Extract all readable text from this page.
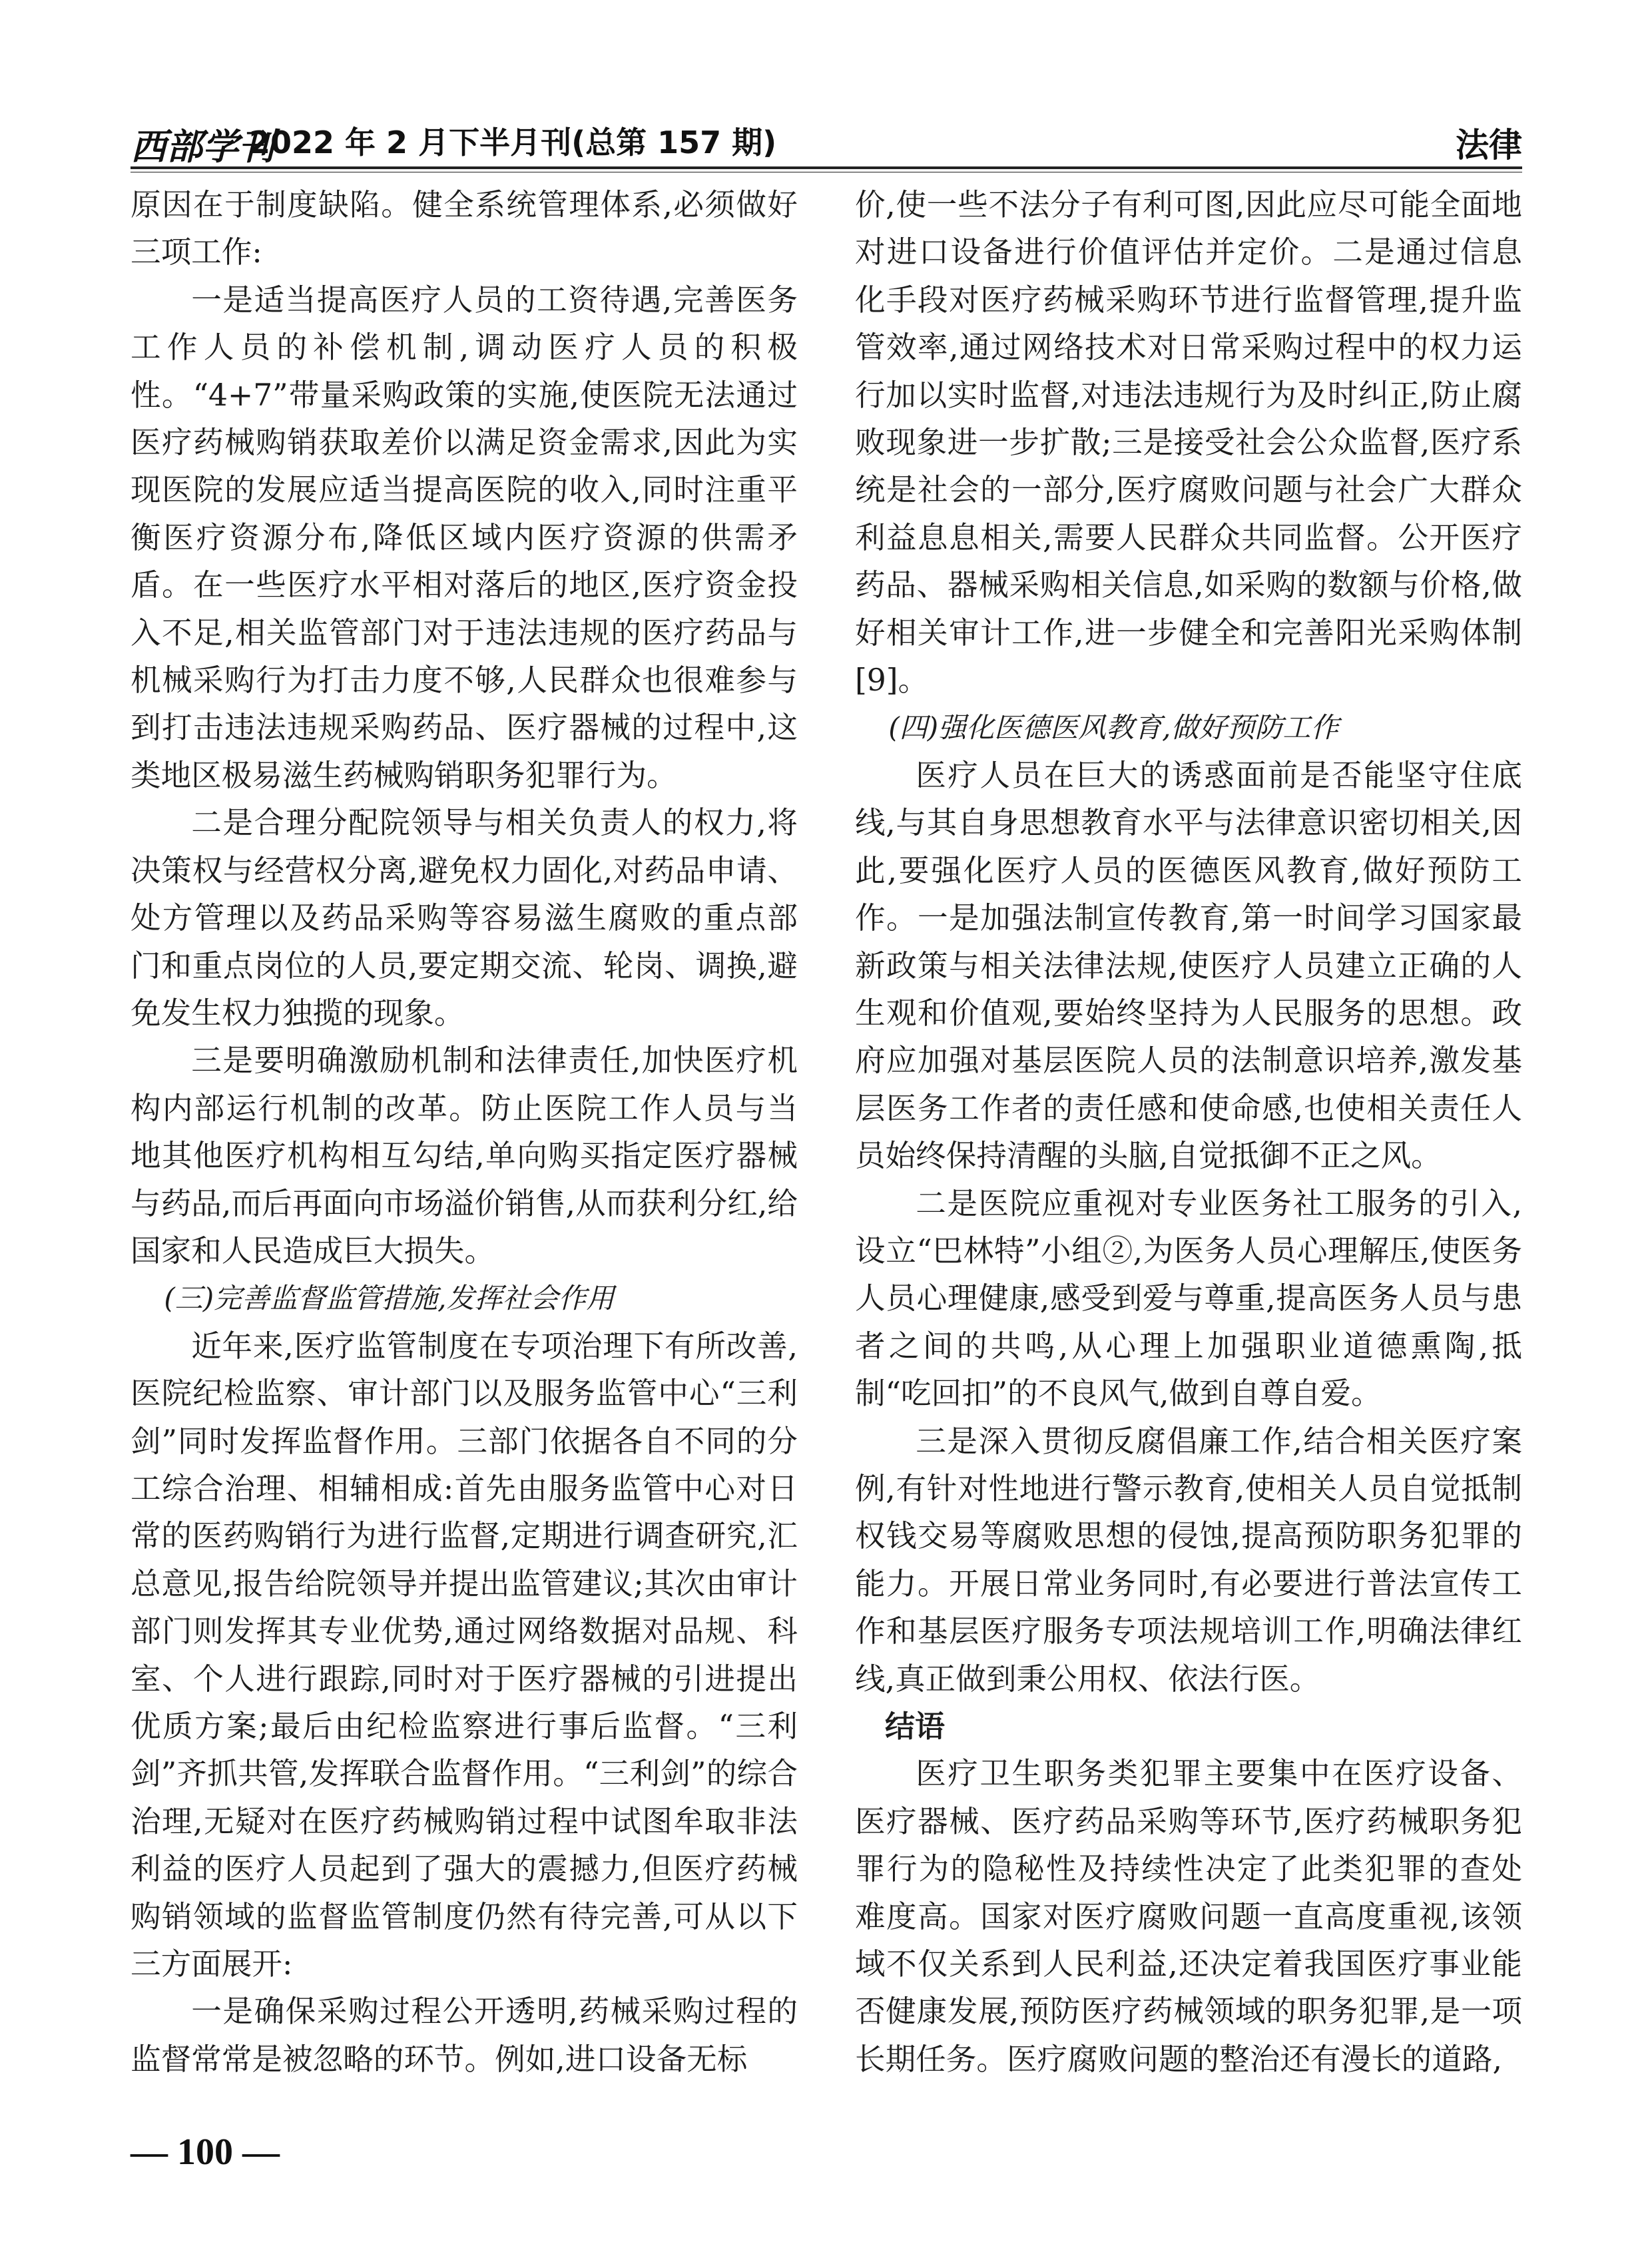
西部学刊
2022 年 2 月下半月刊(总第 157 期)	法律

原因在于制度缺陷。健全系统管理体系,必须做好三项工作:

一是适当提高医疗人员的工资待遇,完善医务工作人员的补偿机制,调动医疗人员的积极性。“4+7”带量采购政策的实施,使医院无法通过医疗药械购销获取差价以满足资金需求,因此为实现医院的发展应适当提高医院的收入,同时注重平衡医疗资源分布,降低区域内医疗资源的供需矛盾。在一些医疗水平相对落后的地区,医疗资金投入不足,相关监管部门对于违法违规的医疗药品与机械采购行为打击力度不够,人民群众也很难参与到打击违法违规采购药品、医疗器械的过程中,这类地区极易滋生药械购销职务犯罪行为。

二是合理分配院领导与相关负责人的权力,将决策权与经营权分离,避免权力固化,对药品申请、处方管理以及药品采购等容易滋生腐败的重点部门和重点岗位的人员,要定期交流、轮岗、调换,避免发生权力独揽的现象。

三是要明确激励机制和法律责任,加快医疗机构内部运行机制的改革。防止医院工作人员与当地其他医疗机构相互勾结,单向购买指定医疗器械与药品,而后再面向市场溢价销售,从而获利分红,给国家和人民造成巨大损失。

(三)完善监督监管措施,发挥社会作用

近年来,医疗监管制度在专项治理下有所改善,医院纪检监察、审计部门以及服务监管中心“三利剑”同时发挥监督作用。三部门依据各自不同的分工综合治理、相辅相成:首先由服务监管中心对日常的医药购销行为进行监督,定期进行调查研究,汇总意见,报告给院领导并提出监管建议;其次由审计部门则发挥其专业优势,通过网络数据对品规、科室、个人进行跟踪,同时对于医疗器械的引进提出优质方案;最后由纪检监察进行事后监督。“三利剑”齐抓共管,发挥联合监督作用。“三利剑”的综合治理,无疑对在医疗药械购销过程中试图牟取非法利益的医疗人员起到了强大的震撼力,但医疗药械购销领域的监督监管制度仍然有待完善,可从以下三方面展开:

一是确保采购过程公开透明,药械采购过程的监督常常是被忽略的环节。例如,进口设备无标

价,使一些不法分子有利可图,因此应尽可能全面地对进口设备进行价值评估并定价。二是通过信息化手段对医疗药械采购环节进行监督管理,提升监管效率,通过网络技术对日常采购过程中的权力运行加以实时监督,对违法违规行为及时纠正,防止腐败现象进一步扩散;三是接受社会公众监督,医疗系统是社会的一部分,医疗腐败问题与社会广大群众利益息息相关,需要人民群众共同监督。公开医疗药品、器械采购相关信息,如采购的数额与价格,做好相关审计工作,进一步健全和完善阳光采购体制[9]。

(四)强化医德医风教育,做好预防工作

医疗人员在巨大的诱惑面前是否能坚守住底线,与其自身思想教育水平与法律意识密切相关,因此,要强化医疗人员的医德医风教育,做好预防工作。一是加强法制宣传教育,第一时间学习国家最新政策与相关法律法规,使医疗人员建立正确的人生观和价值观,要始终坚持为人民服务的思想。政府应加强对基层医院人员的法制意识培养,激发基层医务工作者的责任感和使命感,也使相关责任人员始终保持清醒的头脑,自觉抵御不正之风。

二是医院应重视对专业医务社工服务的引入,设立“巴林特”小组②,为医务人员心理解压,使医务人员心理健康,感受到爱与尊重,提高医务人员与患者之间的共鸣,从心理上加强职业道德熏陶,抵制“吃回扣”的不良风气,做到自尊自爱。

三是深入贯彻反腐倡廉工作,结合相关医疗案例,有针对性地进行警示教育,使相关人员自觉抵制权钱交易等腐败思想的侵蚀,提高预防职务犯罪的能力。开展日常业务同时,有必要进行普法宣传工作和基层医疗服务专项法规培训工作,明确法律红线,真正做到秉公用权、依法行医。

结语

医疗卫生职务类犯罪主要集中在医疗设备、医疗器械、医疗药品采购等环节,医疗药械职务犯罪行为的隐秘性及持续性决定了此类犯罪的查处难度高。国家对医疗腐败问题一直高度重视,该领域不仅关系到人民利益,还决定着我国医疗事业能否健康发展,预防医疗药械领域的职务犯罪,是一项长期任务。医疗腐败问题的整治还有漫长的道路,

— 100 —
